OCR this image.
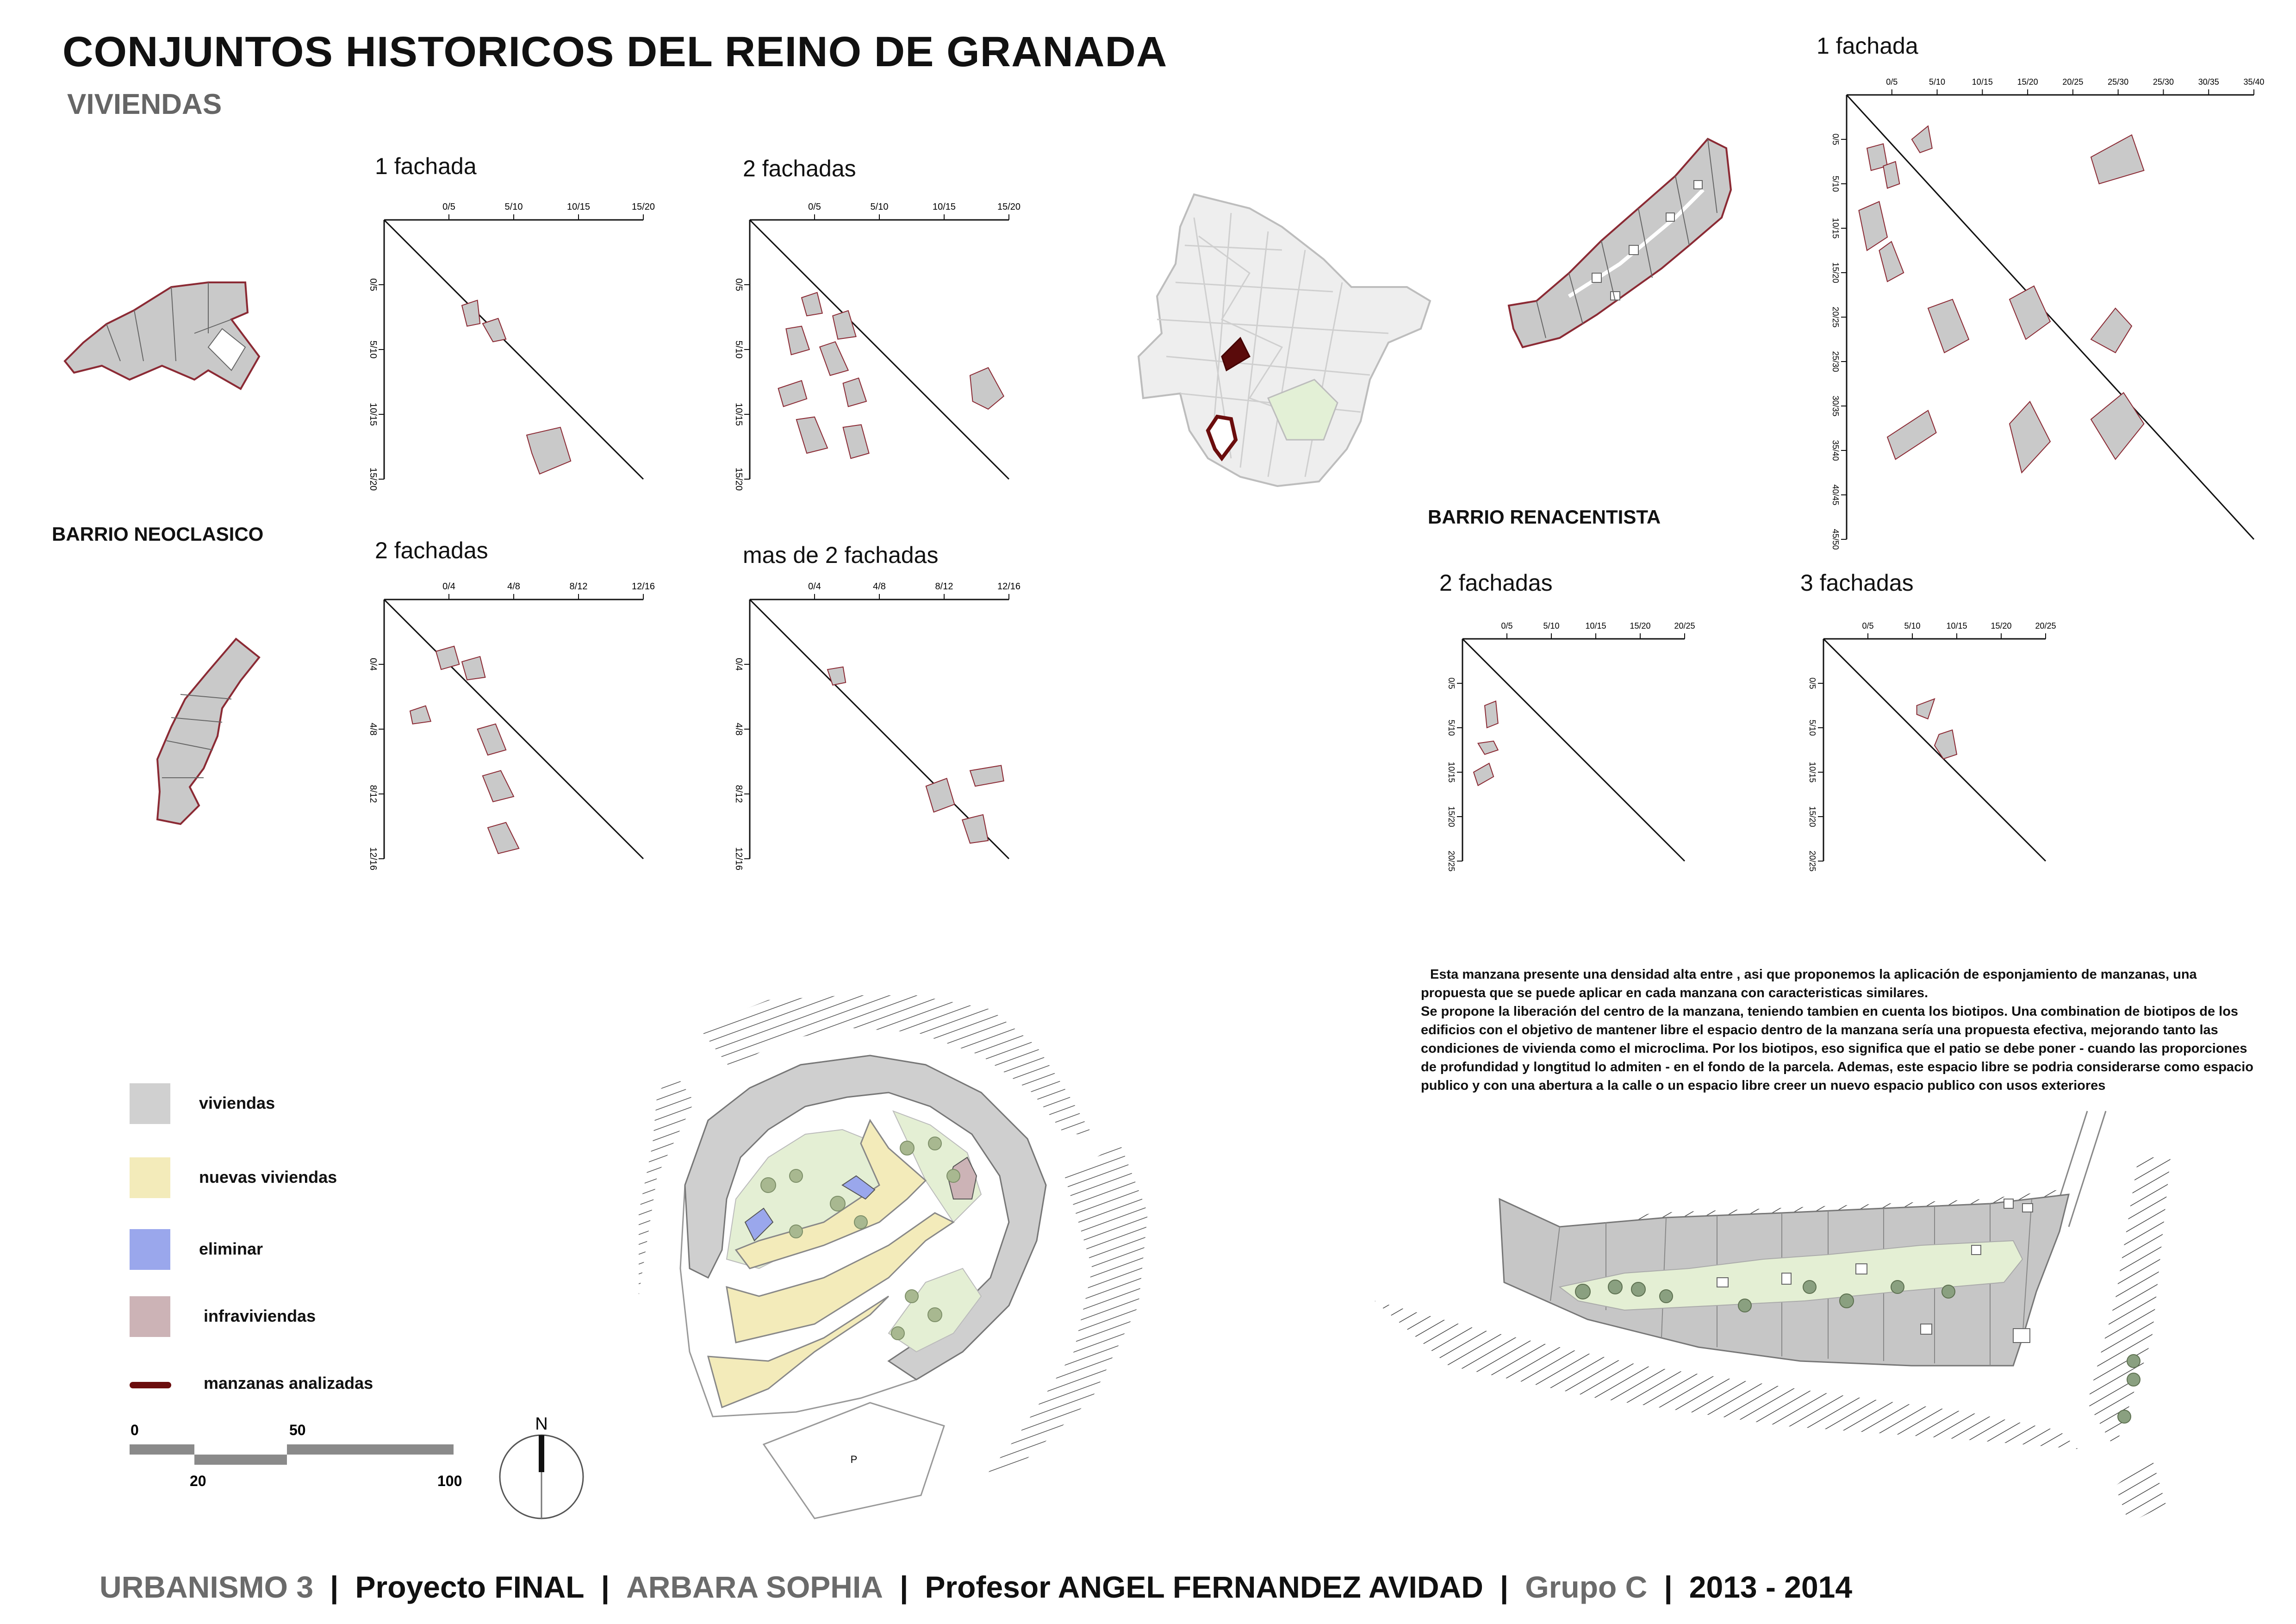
CONJUNTOS HISTORICOS DEL REINO DE GRANADA
VIVIENDAS
BARRIO NEOCLASICO
1 fachada
0/5	5/10	10/15	15/20
0/5
5/10
10/15
15/20
2 fachadas
0/5	5/10	10/15	15/20
0/5
5/10
10/15
15/20
2 fachadas
0/4	4/8	8/12	12/16
0/4
4/8
8/12
12/16
mas de 2 fachadas
0/4	4/8	8/12	12/16
0/4
4/8
8/12
12/16
BARRIO RENACENTISTA
1 fachada
0/5	5/10	10/15	15/20	20/25	25/30	25/30	30/35	35/40
0/5
5/10
10/15
15/20
20/25
25/30
30/35
35/40
40/45
45/50
2 fachadas
0/5	5/10	10/15	15/20	20/25
0/5
5/10
10/15
15/20
20/25
3 fachadas
0/5	5/10	10/15	15/20	20/25
0/5
5/10
10/15
15/20
20/25
viviendas
nuevas viviendas
eliminar
infraviviendas
manzanas analizadas
0	50
20	100
N
P

Esta manzana presente una densidad alta entre , asi que proponemos la aplicación de esponjamiento de manzanas, una propuesta que se puede aplicar en cada manzana con caracteristicas similares.

Se propone la liberación del centro de la manzana, teniendo tambien en cuenta los biotipos. Una combination de biotipos de los edificios con el objetivo de mantener libre el espacio dentro de la manzana sería una propuesta efectiva, mejorando tanto las condiciones de vivienda como el microclima. Por los biotipos, eso significa que el patio se debe poner - cuando las proporciones de profundidad y longtitud lo admiten - en el fondo de la parcela. Ademas, este espacio libre se podria considerarse como espacio publico y con una abertura a la calle o un espacio libre creer un nuevo espacio publico con usos exteriores

URBANISMO 3 | Proyecto FINAL | ARBARA SOPHIA | Profesor ANGEL FERNANDEZ AVIDAD | Grupo C | 2013 - 2014
